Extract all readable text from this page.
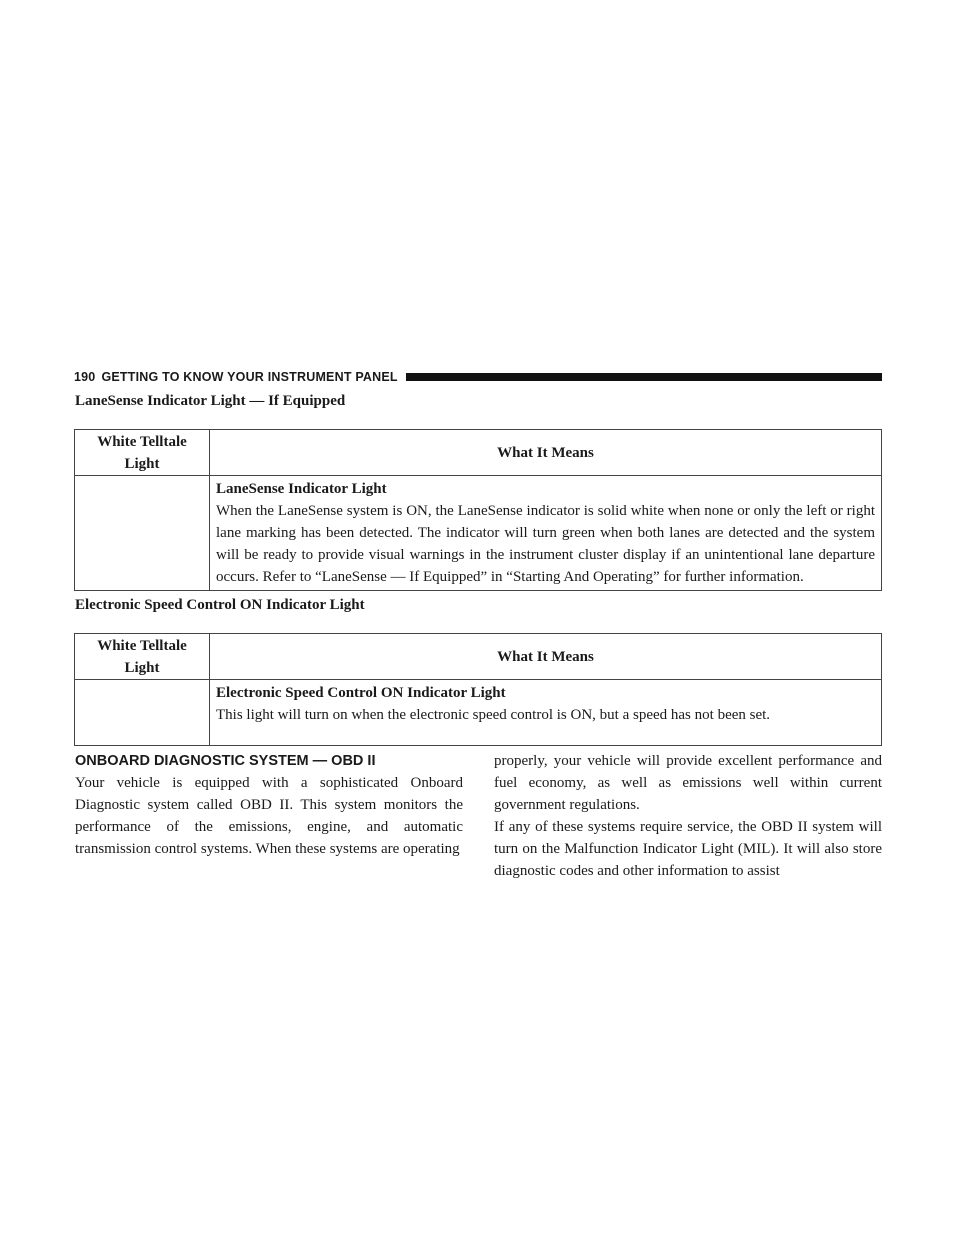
190 GETTING TO KNOW YOUR INSTRUMENT PANEL
LaneSense Indicator Light — If Equipped
White Telltale
Light	What It Means

	LaneSense Indicator Light
When the LaneSense system is ON, the LaneSense indicator is solid white when none or only the left or right lane marking has been detected. The indicator will turn green when both lanes are detected and the system will be ready to provide visual warnings in the instrument cluster display if an unintentional lane departure occurs. Refer to “LaneSense — If Equipped” in “Starting And Operating” for further information.
Electronic Speed Control ON Indicator Light
White Telltale
Light	What It Means

	Electronic Speed Control ON Indicator Light
This light will turn on when the electronic speed control is ON, but a speed has not been set.
ONBOARD DIAGNOSTIC SYSTEM — OBD II

Your vehicle is equipped with a sophisticated Onboard Diagnostic system called OBD II. This system monitors the performance of the emissions, engine, and automatic transmission control systems. When these systems are operating

properly, your vehicle will provide excellent performance and fuel economy, as well as emissions well within current government regulations.

If any of these systems require service, the OBD II system will turn on the Malfunction Indicator Light (MIL). It will also store diagnostic codes and other information to assist
